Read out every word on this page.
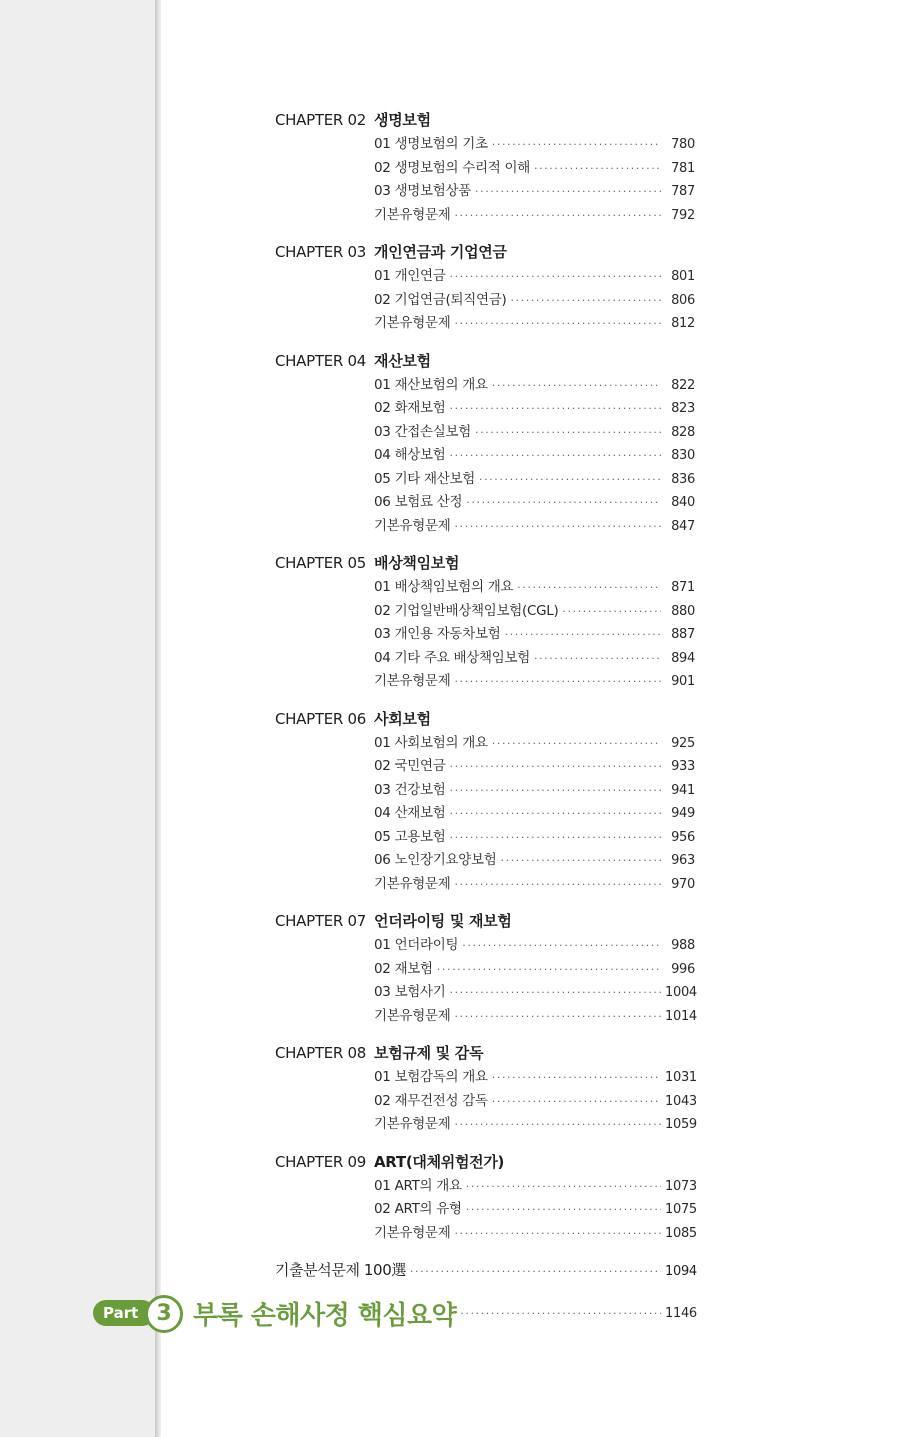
CHAPTER 02 생명보험
01 생명보험의 기초 ·····	780
02 생명보험의 수리적 이해 ·····	781
03 생명보험상품 ·····	787
기본유형문제 ·····	792
CHAPTER 03 개인연금과 기업연금
01 개인연금 ·····	801
02 기업연금(퇴직연금) ·····	806
기본유형문제 ·····	812
CHAPTER 04 재산보험
01 재산보험의 개요 ·····	822
02 화재보험 ·····	823
03 간접손실보험 ·····	828
04 해상보험 ·····	830
05 기타 재산보험 ·····	836
06 보험료 산정 ·····	840
기본유형문제 ·····	847
CHAPTER 05 배상책임보험
01 배상책임보험의 개요 ·····	871
02 기업일반배상책임보험(CGL) ·····	880
03 개인용 자동차보험 ·····	887
04 기타 주요 배상책임보험 ·····	894
기본유형문제 ·····	901
CHAPTER 06 사회보험
01 사회보험의 개요 ·····	925
02 국민연금 ·····	933
03 건강보험 ·····	941
04 산재보험 ·····	949
05 고용보험 ·····	956
06 노인장기요양보험 ·····	963
기본유형문제 ·····	970
CHAPTER 07 언더라이팅 및 재보험
01 언더라이팅 ·····	988
02 재보험 ·····	996
03 보험사기 ·····	1004
기본유형문제 ·····	1014
CHAPTER 08 보험규제 및 감독
01 보험감독의 개요 ·····	1031
02 재무건전성 감독 ·····	1043
기본유형문제 ·····	1059
CHAPTER 09 ART(대체위험전가)
01 ART의 개요 ·····	1073
02 ART의 유형 ·····	1075
기본유형문제 ·····	1085
기출분석문제 100選 ·····	1094
Part 3 부록 손해사정 핵심요약 ·····	1146
